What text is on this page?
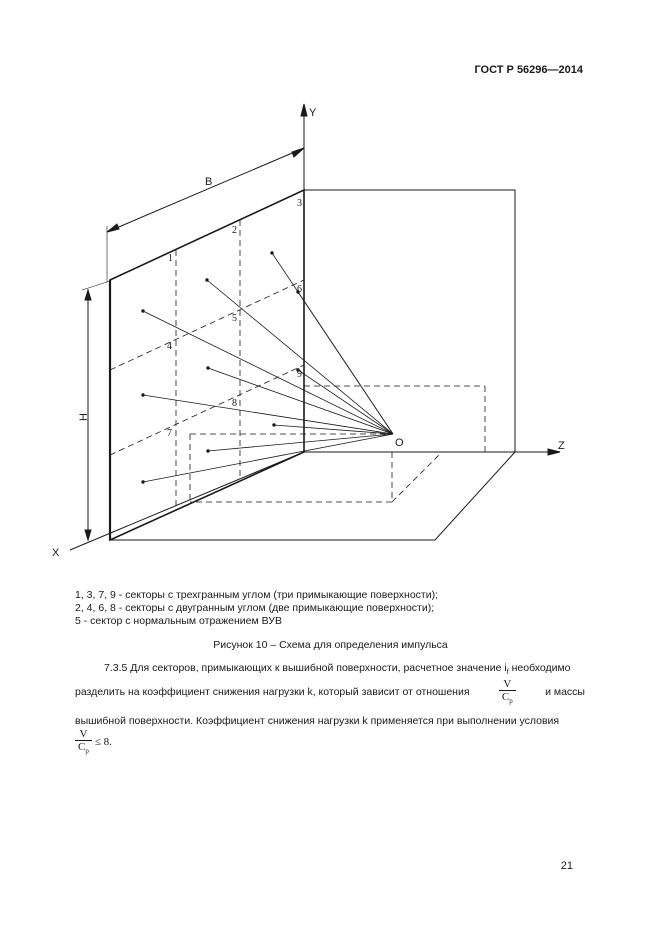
ГОСТ Р 56296—2014
Y
Z
X
O
B
H
1
2
3
4
5
6
7
8
9
1, 3, 7, 9 - секторы с трехгранным углом (три примыкающие поверхности);
2, 4, 6, 8 - секторы с двугранным углом (две примыкающие поверхности);
5 - сектор с нормальным отражением ВУВ
Рисунок 10 – Схема для определения импульса
7.3.5 Для секторов, примыкающих к вышибной поверхности, расчетное значение $i_f$ необходимо
разделить на коэффициент снижения нагрузки k, который зависит от отношения	$\frac{V}{C_p}$	и массы
вышибной поверхности. Коэффициент снижения нагрузки k применяется при выполнении условия
$\frac{V}{C_p} \le 8$.
21
